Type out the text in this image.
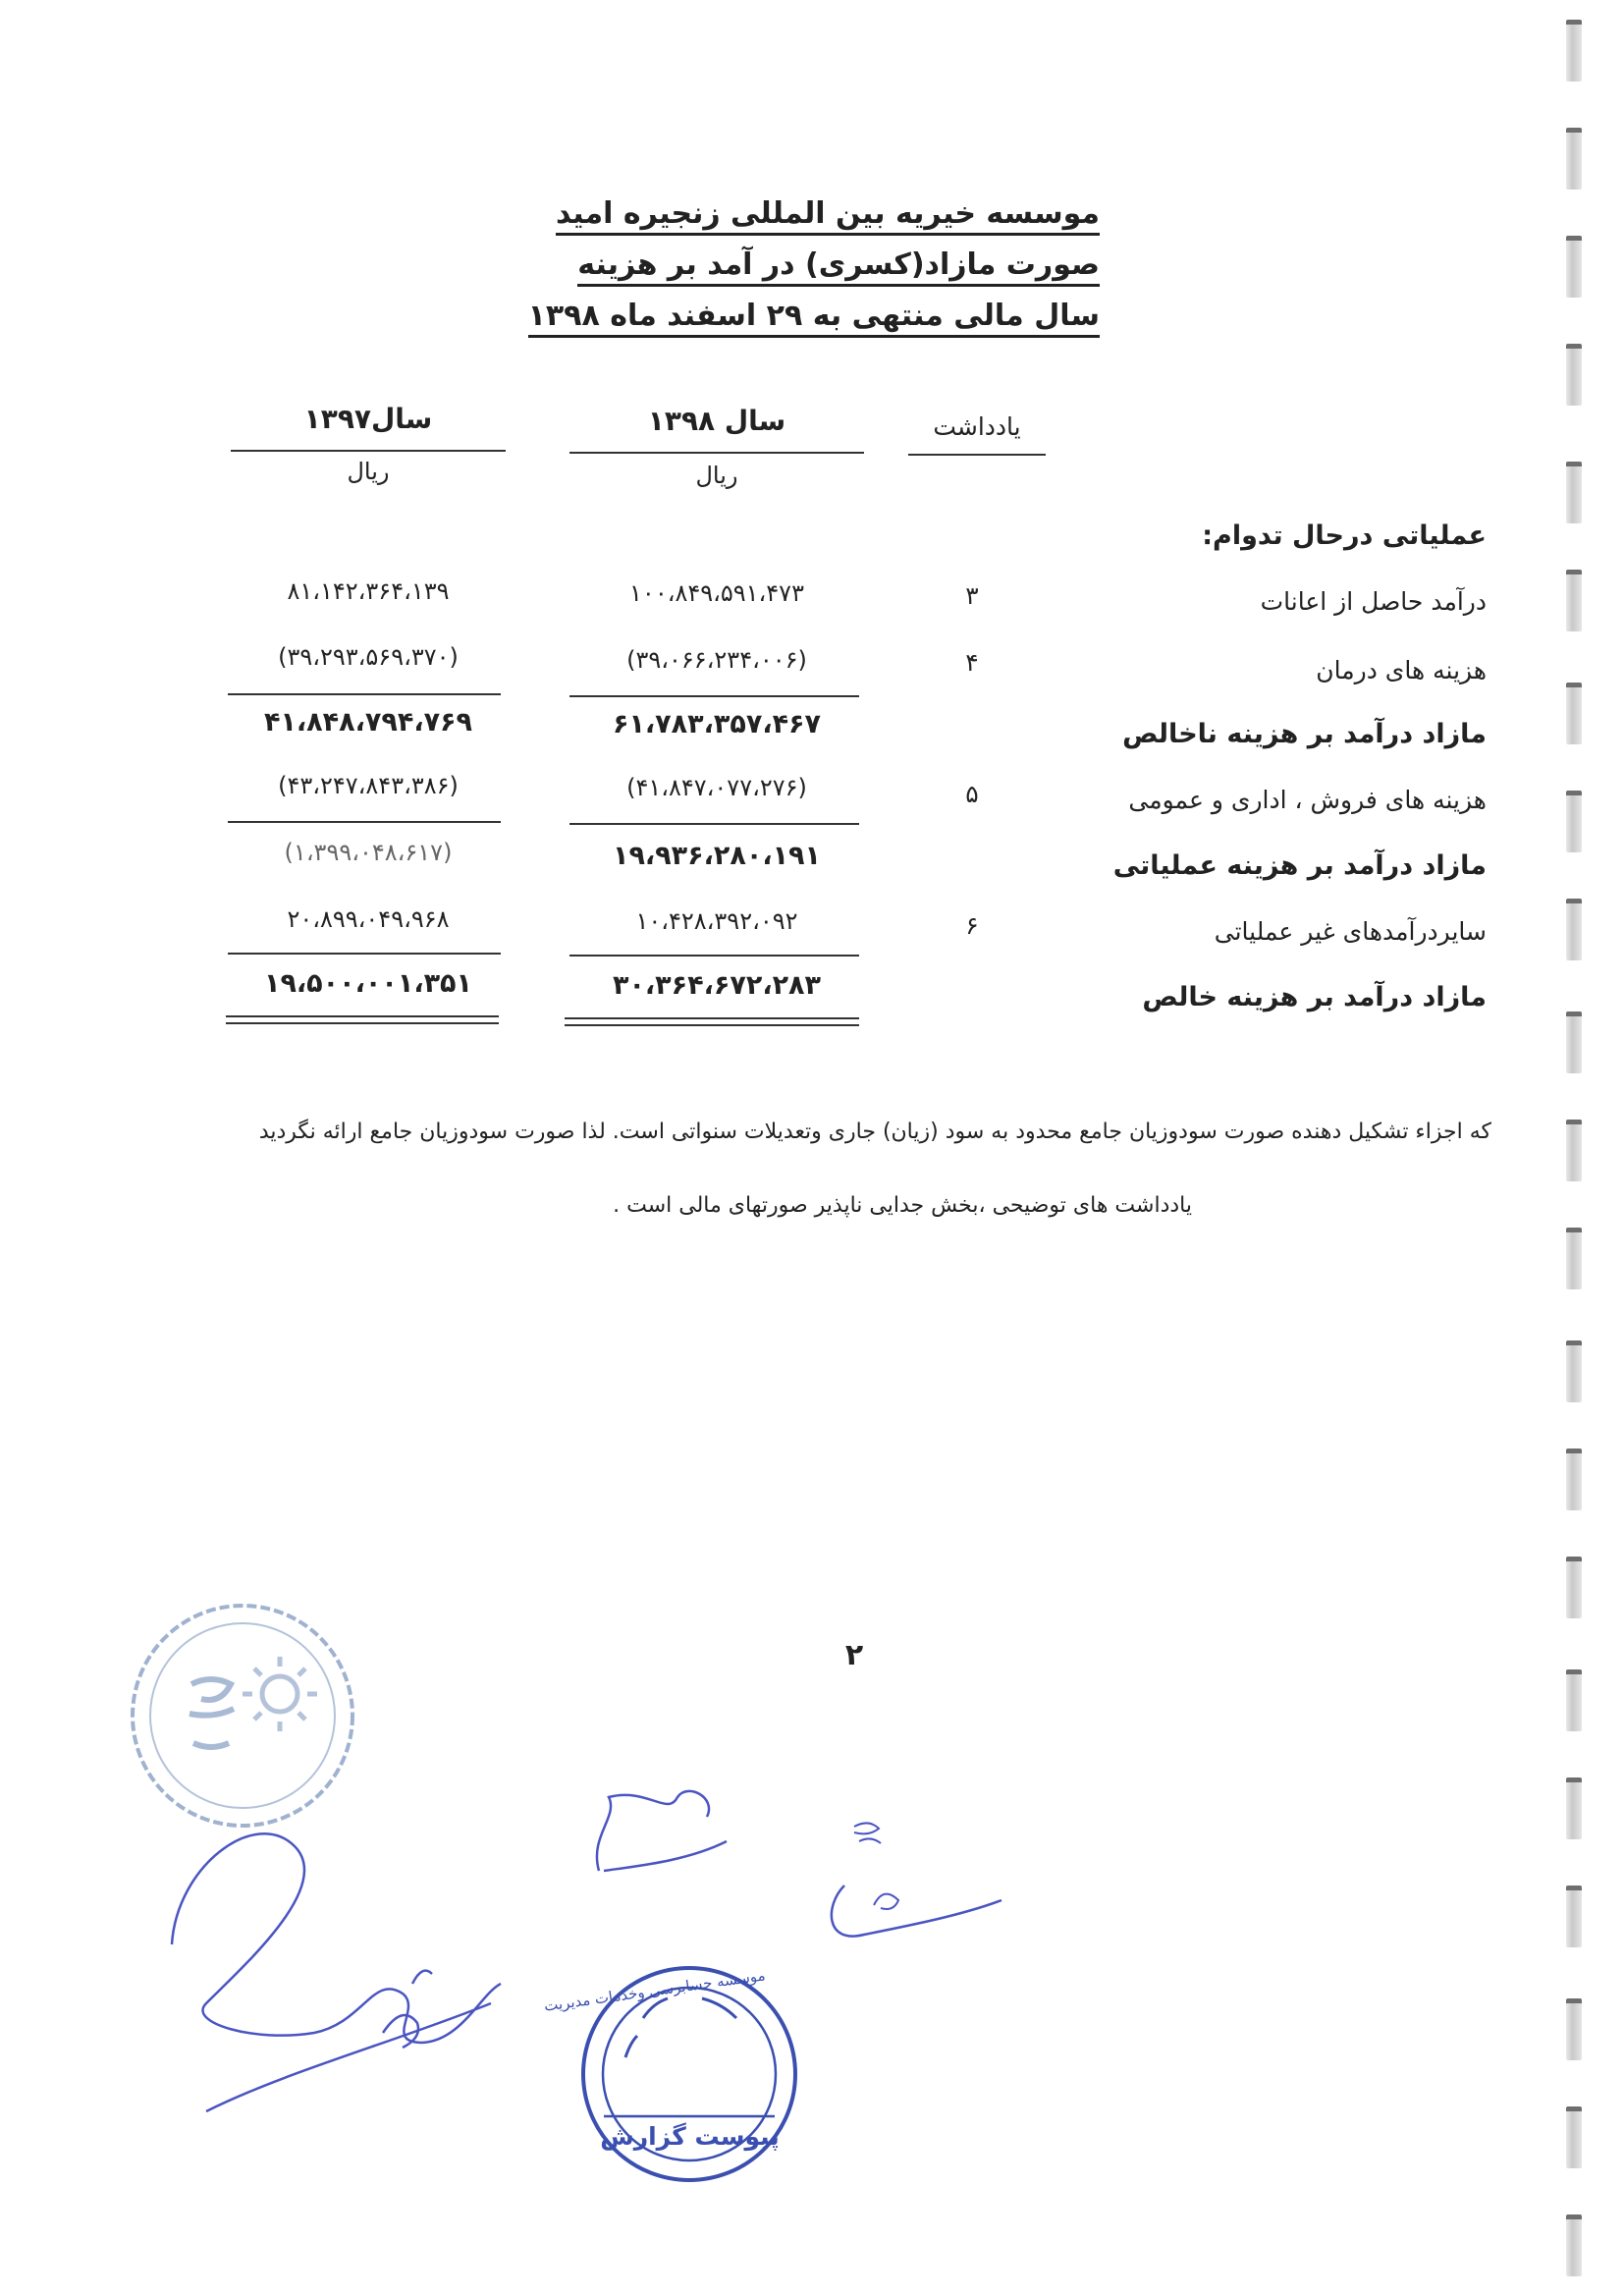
موسسه خیریه بین المللی زنجیره امید
صورت مازاد(کسری) در آمد بر هزینه
سال مالی منتهی به ۲۹ اسفند ماه ۱۳۹۸
یادداشت
سال ۱۳۹۸
ریال
سال۱۳۹۷
ریال
عملیاتی درحال تدوام:
درآمد حاصل از اعانات
۳
۱۰۰،۸۴۹،۵۹۱،۴۷۳
۸۱،۱۴۲،۳۶۴،۱۳۹
هزینه های درمان
۴
(۳۹،۰۶۶،۲۳۴،۰۰۶)
(۳۹،۲۹۳،۵۶۹،۳۷۰)
مازاد درآمد بر هزینه ناخالص
۶۱،۷۸۳،۳۵۷،۴۶۷
۴۱،۸۴۸،۷۹۴،۷۶۹
هزینه های فروش ، اداری و عمومی
۵
(۴۱،۸۴۷،۰۷۷،۲۷۶)
(۴۳،۲۴۷،۸۴۳،۳۸۶)
مازاد درآمد بر هزینه عملیاتی
۱۹،۹۳۶،۲۸۰،۱۹۱
(۱،۳۹۹،۰۴۸،۶۱۷)
سایردرآمدهای غیر عملیاتی
۶
۱۰،۴۲۸،۳۹۲،۰۹۲
۲۰،۸۹۹،۰۴۹،۹۶۸
مازاد درآمد بر هزینه خالص
۳۰،۳۶۴،۶۷۲،۲۸۳
۱۹،۵۰۰،۰۰۱،۳۵۱
که اجزاء تشکیل دهنده صورت سودوزیان جامع محدود به سود (زیان) جاری وتعدیلات سنواتی است. لذا صورت سودوزیان جامع ارائه نگردید
یادداشت های توضیحی ،بخش جدایی ناپذیر صورتهای مالی است .
۲
موسسه حسابرسی وخدمات مدیریت
پیوست گزارش
